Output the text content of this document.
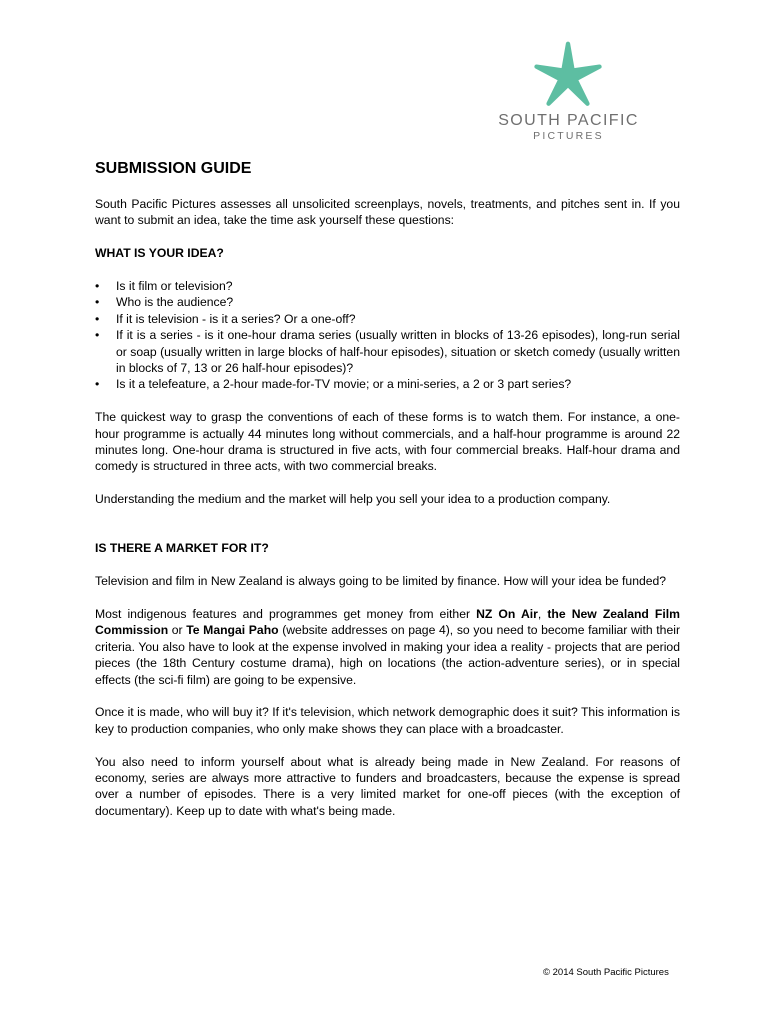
SOUTH PACIFIC
PICTURES
SUBMISSION GUIDE

South Pacific Pictures assesses all unsolicited screenplays, novels, treatments, and pitches sent in. If you want to submit an idea, take the time ask yourself these questions:

WHAT IS YOUR IDEA?
• Is it film or television?
• Who is the audience?
• If it is television - is it a series? Or a one-off?
• If it is a series - is it one-hour drama series (usually written in blocks of 13-26 episodes), long-run serial or soap (usually written in large blocks of half-hour episodes), situation or sketch comedy (usually written in blocks of 7, 13 or 26 half-hour episodes)?
• Is it a telefeature, a 2-hour made-for-TV movie; or a mini-series, a 2 or 3 part series?

The quickest way to grasp the conventions of each of these forms is to watch them. For instance, a one-hour programme is actually 44 minutes long without commercials, and a half-hour programme is around 22 minutes long. One-hour drama is structured in five acts, with four commercial breaks. Half-hour drama and comedy is structured in three acts, with two commercial breaks.

Understanding the medium and the market will help you sell your idea to a production company.

IS THERE A MARKET FOR IT?

Television and film in New Zealand is always going to be limited by finance. How will your idea be funded?

Most indigenous features and programmes get money from either NZ On Air, the New Zealand Film Commission or Te Mangai Paho (website addresses on page 4), so you need to become familiar with their criteria. You also have to look at the expense involved in making your idea a reality - projects that are period pieces (the 18th Century costume drama), high on locations (the action-adventure series), or in special effects (the sci-fi film) are going to be expensive.

Once it is made, who will buy it? If it's television, which network demographic does it suit? This information is key to production companies, who only make shows they can place with a broadcaster.

You also need to inform yourself about what is already being made in New Zealand. For reasons of economy, series are always more attractive to funders and broadcasters, because the expense is spread over a number of episodes. There is a very limited market for one-off pieces (with the exception of documentary). Keep up to date with what's being made.

© 2014 South Pacific Pictures
